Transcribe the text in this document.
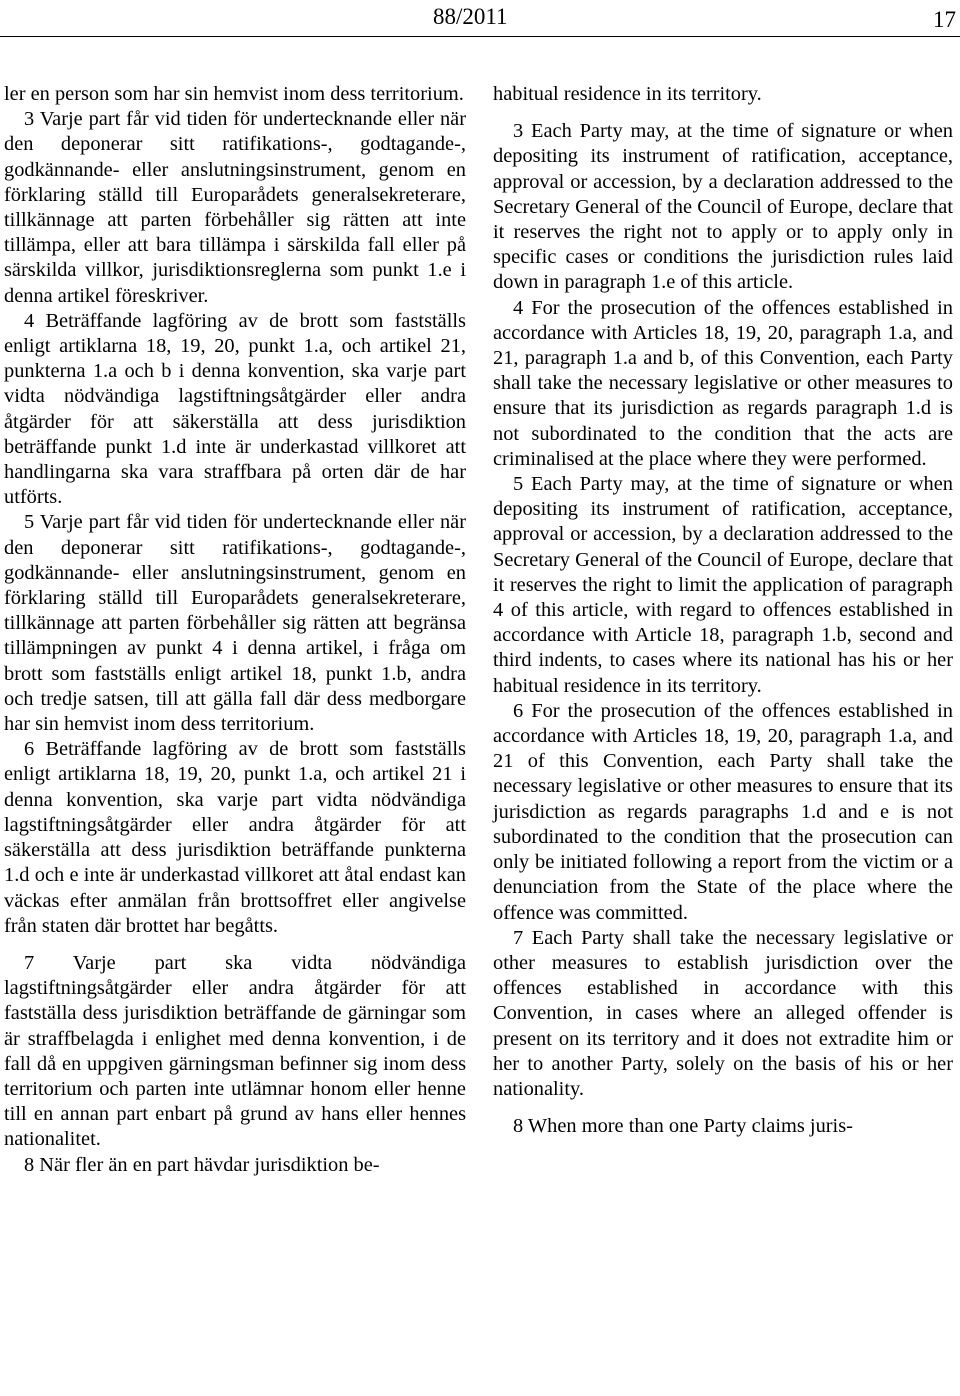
88/2011	17

ler en person som har sin hemvist inom dess territorium.

3 Varje part får vid tiden för undertecknande eller när den deponerar sitt ratifikations-, godtagande-, godkännande- eller anslutningsinstrument, genom en förklaring ställd till Europarådets generalsekreterare, tillkännage att parten förbehåller sig rätten att inte tillämpa, eller att bara tillämpa i särskilda fall eller på särskilda villkor, jurisdiktionsreglerna som punkt 1.e i denna artikel föreskriver.

4 Beträffande lagföring av de brott som fastställs enligt artiklarna 18, 19, 20, punkt 1.a, och artikel 21, punkterna 1.a och b i denna konvention, ska varje part vidta nödvändiga lagstiftningsåtgärder eller andra åtgärder för att säkerställa att dess jurisdiktion beträffande punkt 1.d inte är underkastad villkoret att handlingarna ska vara straffbara på orten där de har utförts.

5 Varje part får vid tiden för undertecknande eller när den deponerar sitt ratifikations-, godtagande-, godkännande- eller anslutningsinstrument, genom en förklaring ställd till Europarådets generalsekreterare, tillkännage att parten förbehåller sig rätten att begränsa tillämpningen av punkt 4 i denna artikel, i fråga om brott som fastställs enligt artikel 18, punkt 1.b, andra och tredje satsen, till att gälla fall där dess medborgare har sin hemvist inom dess territorium.

6 Beträffande lagföring av de brott som fastställs enligt artiklarna 18, 19, 20, punkt 1.a, och artikel 21 i denna konvention, ska varje part vidta nödvändiga lagstiftningsåtgärder eller andra åtgärder för att säkerställa att dess jurisdiktion beträffande punkterna 1.d och e inte är underkastad villkoret att åtal endast kan väckas efter anmälan från brottsoffret eller angivelse från staten där brottet har begåtts.

7 Varje part ska vidta nödvändiga lagstiftningsåtgärder eller andra åtgärder för att fastställa dess jurisdiktion beträffande de gärningar som är straffbelagda i enlighet med denna konvention, i de fall då en uppgiven gärningsman befinner sig inom dess territorium och parten inte utlämnar honom eller henne till en annan part enbart på grund av hans eller hennes nationalitet.

8 När fler än en part hävdar jurisdiktion be-

habitual residence in its territory.

3 Each Party may, at the time of signature or when depositing its instrument of ratification, acceptance, approval or accession, by a declaration addressed to the Secretary General of the Council of Europe, declare that it reserves the right not to apply or to apply only in specific cases or conditions the jurisdiction rules laid down in paragraph 1.e of this article.

4 For the prosecution of the offences established in accordance with Articles 18, 19, 20, paragraph 1.a, and 21, paragraph 1.a and b, of this Convention, each Party shall take the necessary legislative or other measures to ensure that its jurisdiction as regards paragraph 1.d is not subordinated to the condition that the acts are criminalised at the place where they were performed.

5 Each Party may, at the time of signature or when depositing its instrument of ratification, acceptance, approval or accession, by a declaration addressed to the Secretary General of the Council of Europe, declare that it reserves the right to limit the application of paragraph 4 of this article, with regard to offences established in accordance with Article 18, paragraph 1.b, second and third indents, to cases where its national has his or her habitual residence in its territory.

6 For the prosecution of the offences established in accordance with Articles 18, 19, 20, paragraph 1.a, and 21 of this Convention, each Party shall take the necessary legislative or other measures to ensure that its jurisdiction as regards paragraphs 1.d and e is not subordinated to the condition that the prosecution can only be initiated following a report from the victim or a denunciation from the State of the place where the offence was committed.

7 Each Party shall take the necessary legislative or other measures to establish jurisdiction over the offences established in accordance with this Convention, in cases where an alleged offender is present on its territory and it does not extradite him or her to another Party, solely on the basis of his or her nationality.

8 When more than one Party claims juris-
